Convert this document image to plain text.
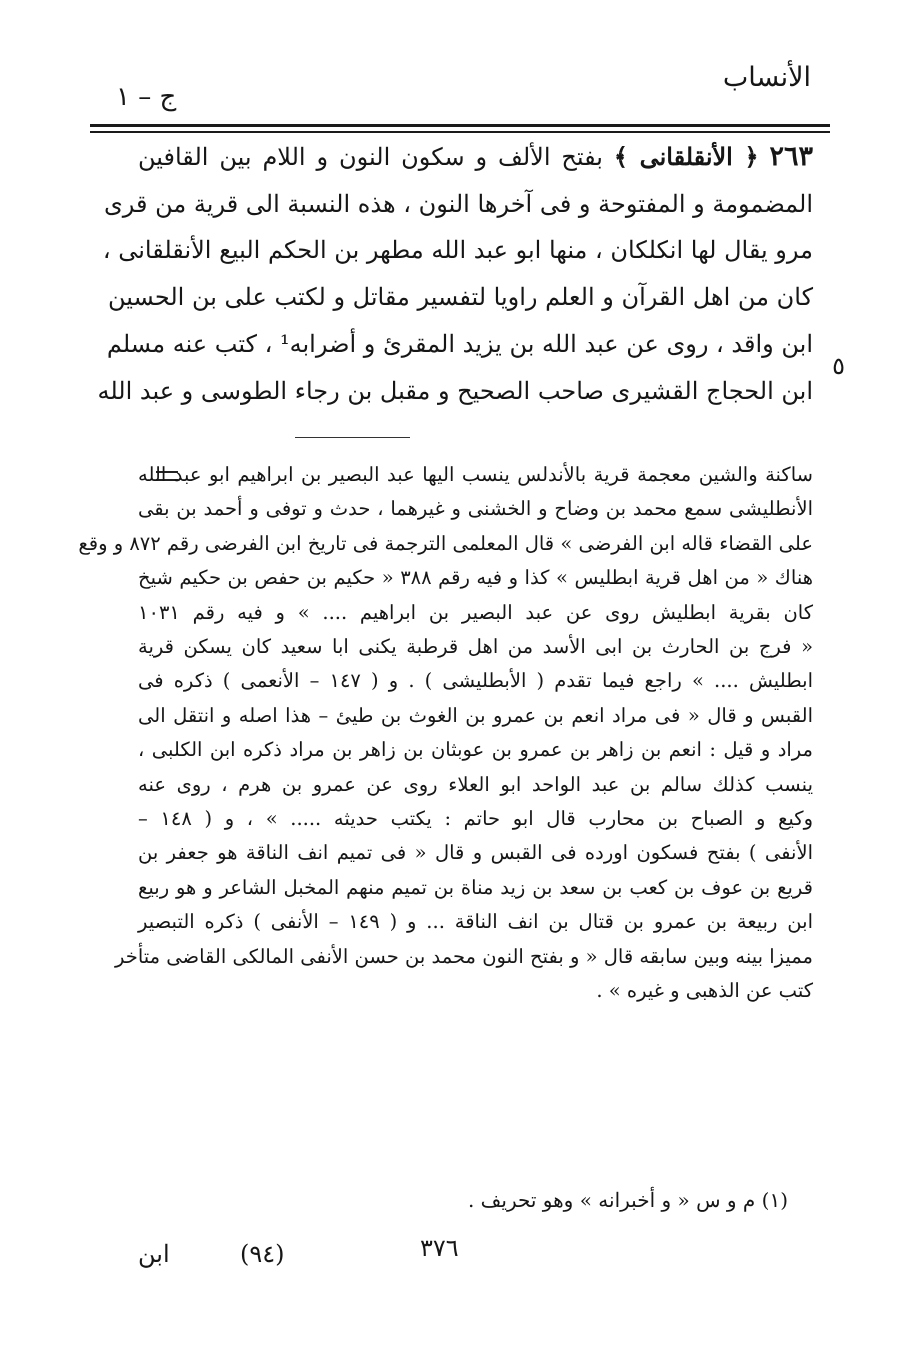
الأنساب
ج – ١
٥
٢٦٣ ﴿ الأنقلقانى ﴾ بفتح الألف و سكون النون و اللام بين القافين
المضمومة و المفتوحة و فى آخرها النون ، هذه النسبة الى قرية من قرى
مرو يقال لها انكلكان ، منها ابو عبد الله مطهر بن الحكم البيع الأنقلقانى ،
كان من اهل القرآن و العلم راويا لتفسير مقاتل و لكتب على بن الحسين
ابن واقد ، روى عن عبد الله بن يزيد المقرئ و أضرابه¹ ، كتب عنه مسلم
ابن الحجاج القشيرى صاحب الصحيح و مقبل بن رجاء الطوسى و عبد الله
ساكنة والشين معجمة قرية بالأندلس ينسب اليها عبد البصير بن ابراهيم ابو عبد الله
الأنطليشى سمع محمد بن وضاح و الخشنى و غيرهما ، حدث و توفى و أحمد بن بقى
على القضاء قاله ابن الفرضى » قال المعلمى الترجمة فى تاريخ ابن الفرضى رقم ٨٧٢ و وقع
هناك « من اهل قرية ابطليس » كذا و فيه رقم ٣٨٨ « حكيم بن حفص بن حكيم شيخ
كان بقرية ابطليش روى عن عبد البصير بن ابراهيم .... » و فيه رقم ١٠٣١
« فرج بن الحارث بن ابى الأسد من اهل قرطبة يكنى ابا سعيد كان يسكن قرية
ابطليش .... » راجع فيما تقدم ( الأبطليشى ) . و ( ١٤٧ – الأنعمى ) ذكره فى
القبس و قال « فى مراد انعم بن عمرو بن الغوث بن طيئ – هذا اصله و انتقل الى
مراد و قيل : انعم بن زاهر بن عمرو بن عوبثان بن زاهر بن مراد ذكره ابن الكلبى ،
ينسب كذلك سالم بن عبد الواحد ابو العلاء روى عن عمرو بن هرم ، روى عنه
وكيع و الصباح بن محارب قال ابو حاتم : يكتب حديثه ..... » ، و ( ١٤٨ –
الأنفى ) بفتح فسكون اورده فى القبس و قال « فى تميم انف الناقة هو جعفر بن
قريع بن عوف بن كعب بن سعد بن زيد مناة بن تميم منهم المخبل الشاعر و هو ربيع
ابن ربيعة بن عمرو بن قتال بن انف الناقة ... و ( ١٤٩ – الأنفى ) ذكره التبصير
مميزا بينه وبين سابقه قال « و بفتح النون محمد بن حسن الأنفى المالكى القاضى متأخر
كتب عن الذهبى و غيره » .
(١) م و س « و أخبرانه » وهو تحريف .
ابن	(٩٤)	٣٧٦
